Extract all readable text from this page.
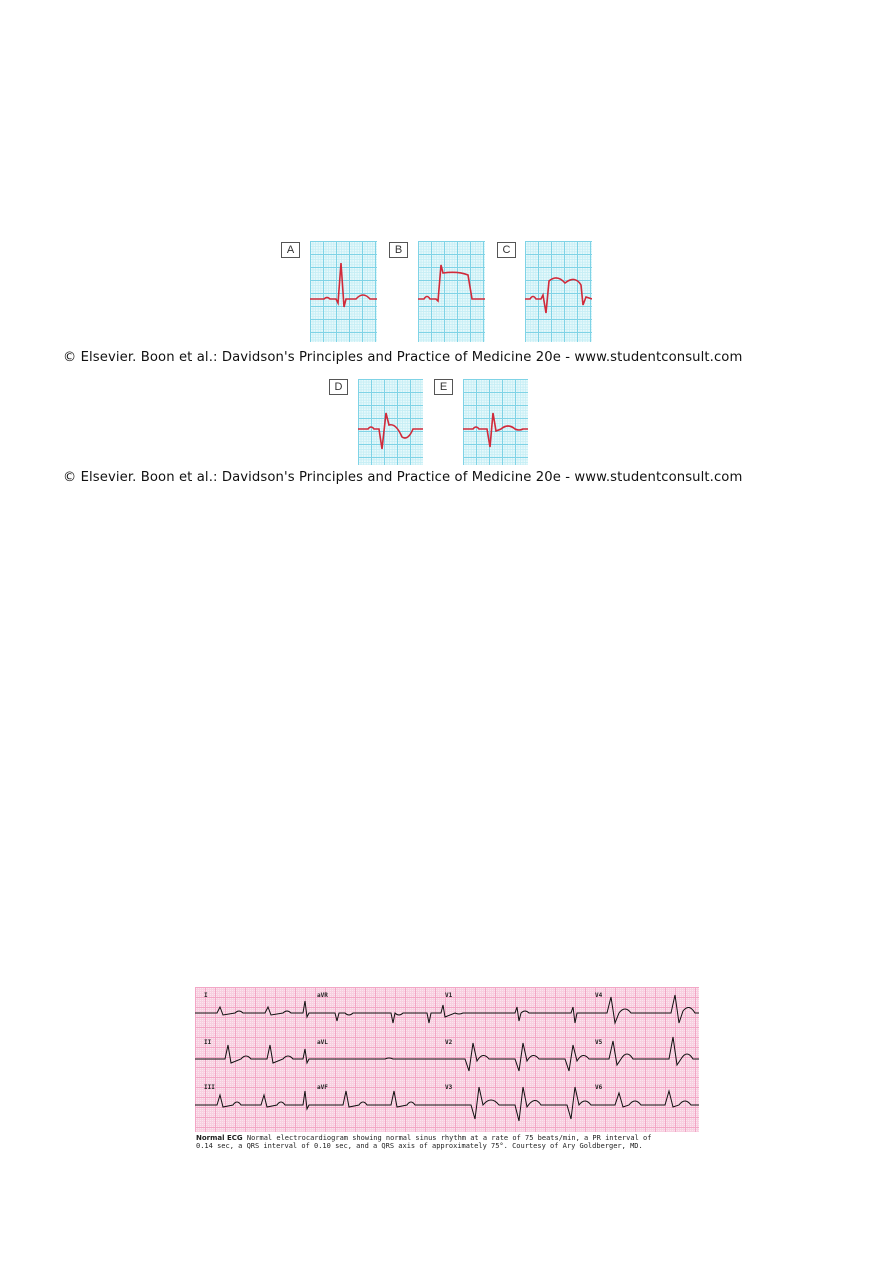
A	B	C
© Elsevier. Boon et al.: Davidson's Principles and Practice of Medicine 20e - www.studentconsult.com
D	E
© Elsevier. Boon et al.: Davidson's Principles and Practice of Medicine 20e - www.studentconsult.com
I	aVR	V1	V4
II	aVL	V2	V5
III	aVF	V3	V6
Normal ECG Normal electrocardiogram showing normal sinus rhythm at a rate of 75 beats/min, a PR interval of 0.14 sec, a QRS interval of 0.10 sec, and a QRS axis of approximately 75°. Courtesy of Ary Goldberger, MD.
